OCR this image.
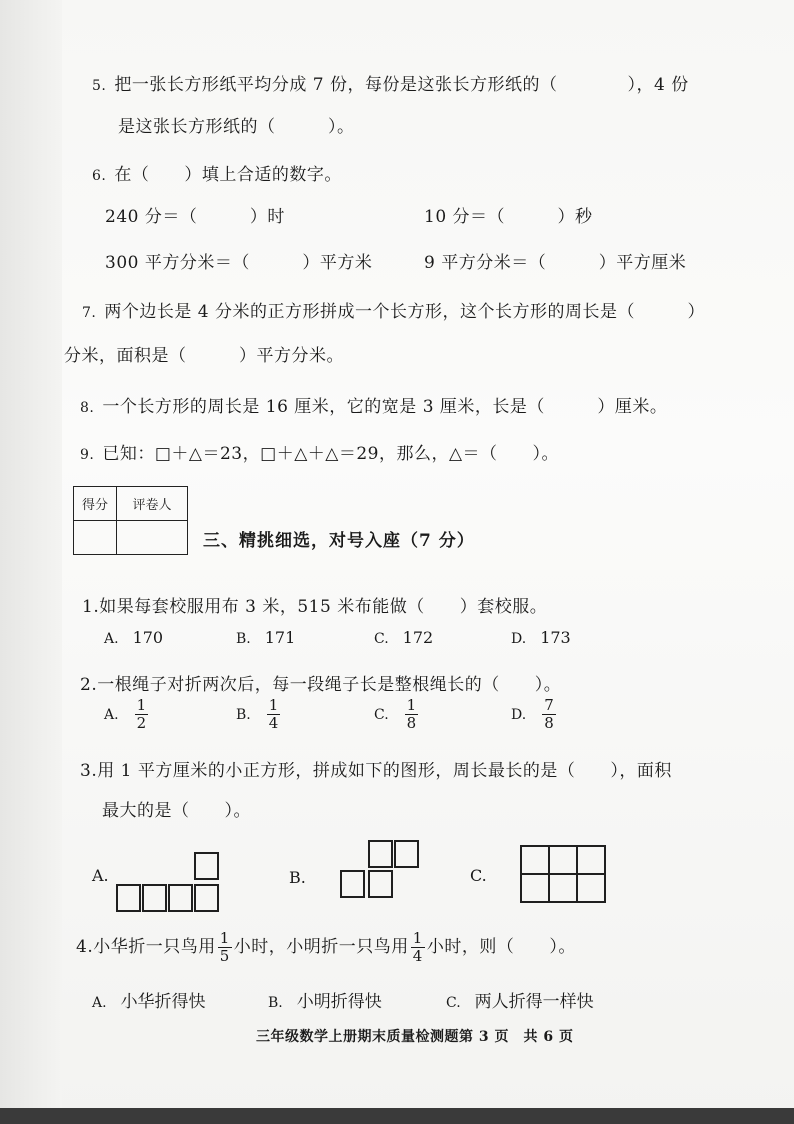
5. 把一张长方形纸平均分成 7 份，每份是这张长方形纸的（　　　　），4 份
是这张长方形纸的（　　　）。
6. 在（　　）填上合适的数字。
240 分＝（　　　）时	10 分＝（　　　）秒
300 平方分米＝（　　　）平方米	9 平方分米＝（　　　）平方厘米
7. 两个边长是 4 分米的正方形拼成一个长方形，这个长方形的周长是（　　　）
分米，面积是（　　　）平方分米。
8. 一个长方形的周长是 16 厘米，它的宽是 3 厘米，长是（　　　）厘米。
9. 已知：□＋△＝23，□＋△＋△＝29，那么，△＝（　　）。
得分	评卷人

三、精挑细选，对号入座（7 分）
1.如果每套校服用布 3 米，515 米布能做（　　）套校服。
A. 170	B. 171	C. 172	D. 173
2.一根绳子对折两次后，每一段绳子长是整根绳长的（　　）。
A. $\frac{1}{2}$	B. $\frac{1}{4}$	C. $\frac{1}{8}$	D. $\frac{7}{8}$
3.用 1 平方厘米的小正方形，拼成如下的图形，周长最长的是（　　），面积
最大的是（　　）。
A.	B.	C.
4.小华折一只鸟用 $\frac{1}{5}$ 小时，小明折一只鸟用 $\frac{1}{4}$ 小时，则（　　）。
A. 小华折得快	B. 小明折得快	C. 两人折得一样快
三年级数学上册期末质量检测题第 3 页　共 6 页
